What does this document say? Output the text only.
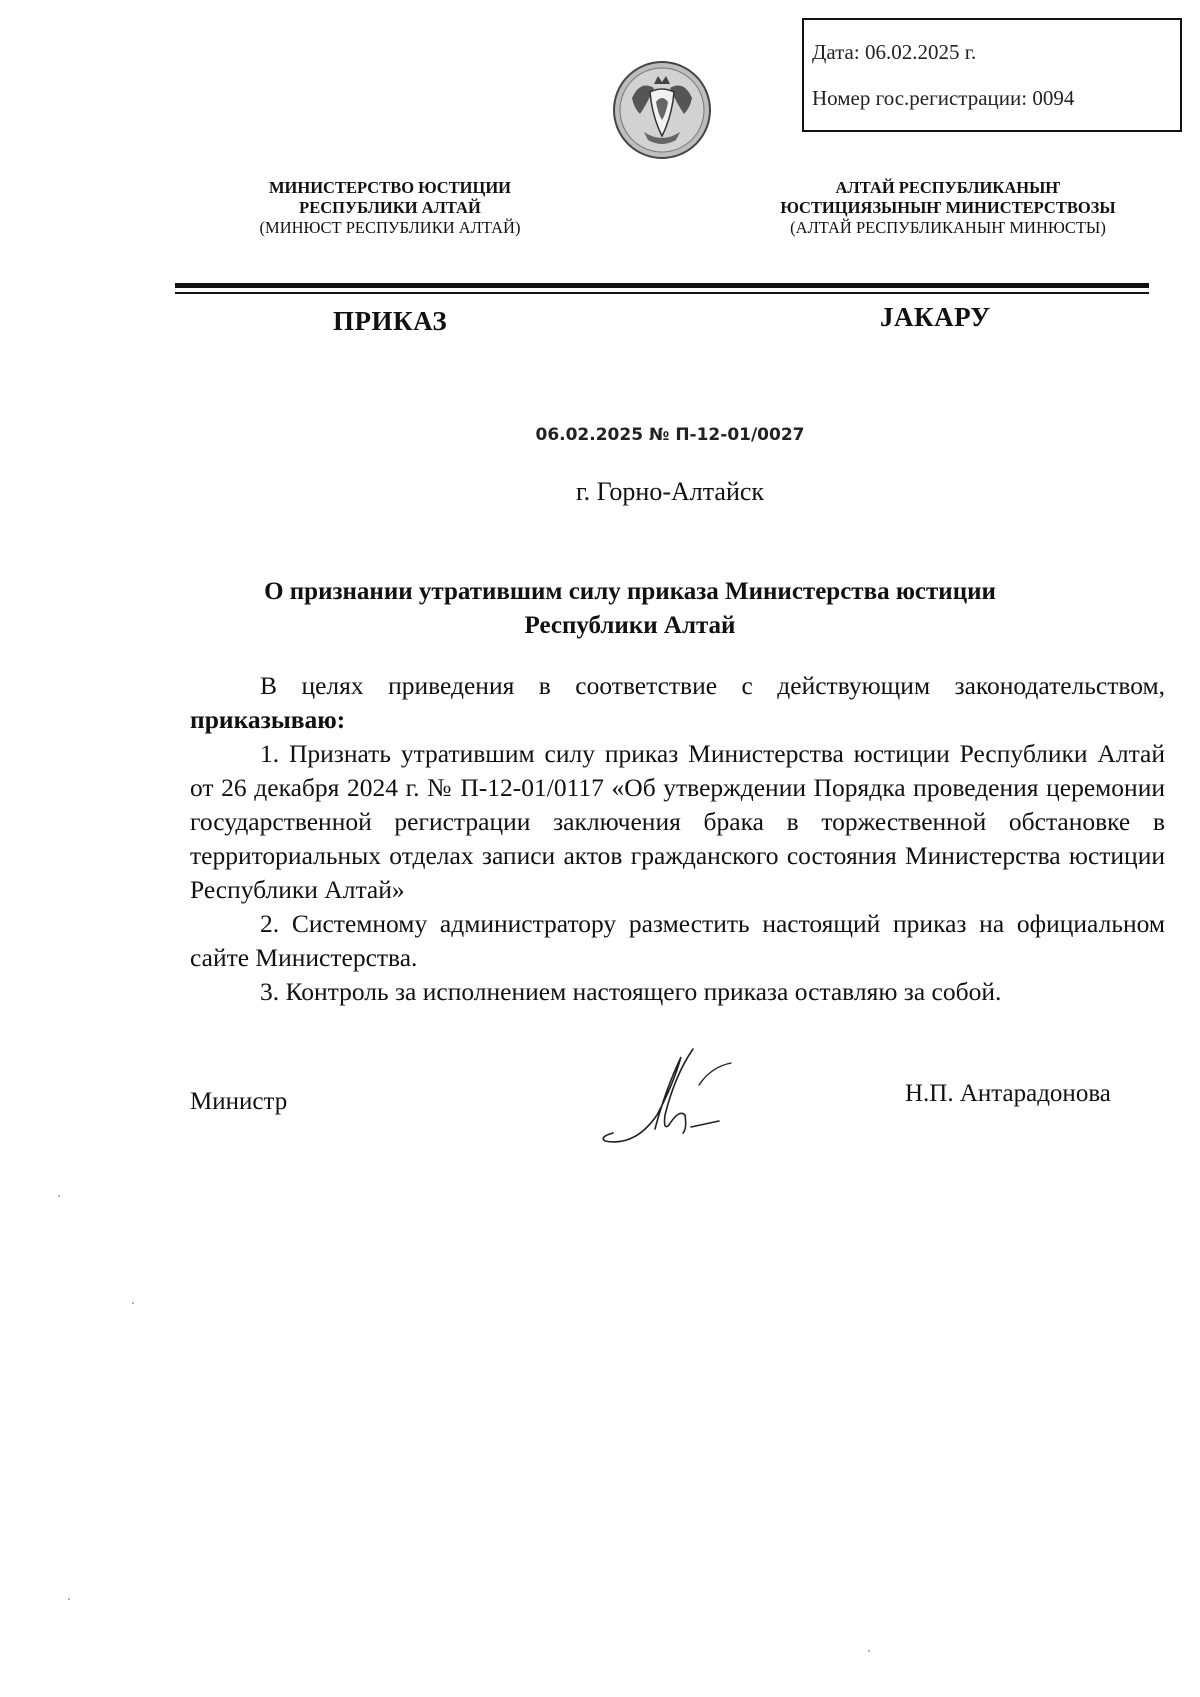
Дата: 06.02.2025 г.
Номер гос.регистрации: 0094
МИНИСТЕРСТВО ЮСТИЦИИ
РЕСПУБЛИКИ АЛТАЙ
(МИНЮСТ РЕСПУБЛИКИ АЛТАЙ)
АЛТАЙ РЕСПУБЛИКАНЫҤ
ЮСТИЦИЯЗЫНЫҤ МИНИСТЕРСТВОЗЫ
(АЛТАЙ РЕСПУБЛИКАНЫҤ МИНЮСТЫ)
ПРИКАЗ	ЈАКАРУ
06.02.2025 № П-12-01/0027
г. Горно-Алтайск
О признании утратившим силу приказа Министерства юстиции
Республики Алтай

В целях приведения в соответствие с действующим законодательством,

приказываю:

1. Признать утратившим силу приказ Министерства юстиции Республики Алтай от 26 декабря 2024 г. № П-12-01/0117 «Об утверждении Порядка проведения церемонии государственной регистрации заключения брака в торжественной обстановке в территориальных отделах записи актов гражданского состояния Министерства юстиции Республики Алтай»

2. Системному администратору разместить настоящий приказ на официальном сайте Министерства.

3. Контроль за исполнением настоящего приказа оставляю за собой.

Министр	Н.П. Антарадонова
